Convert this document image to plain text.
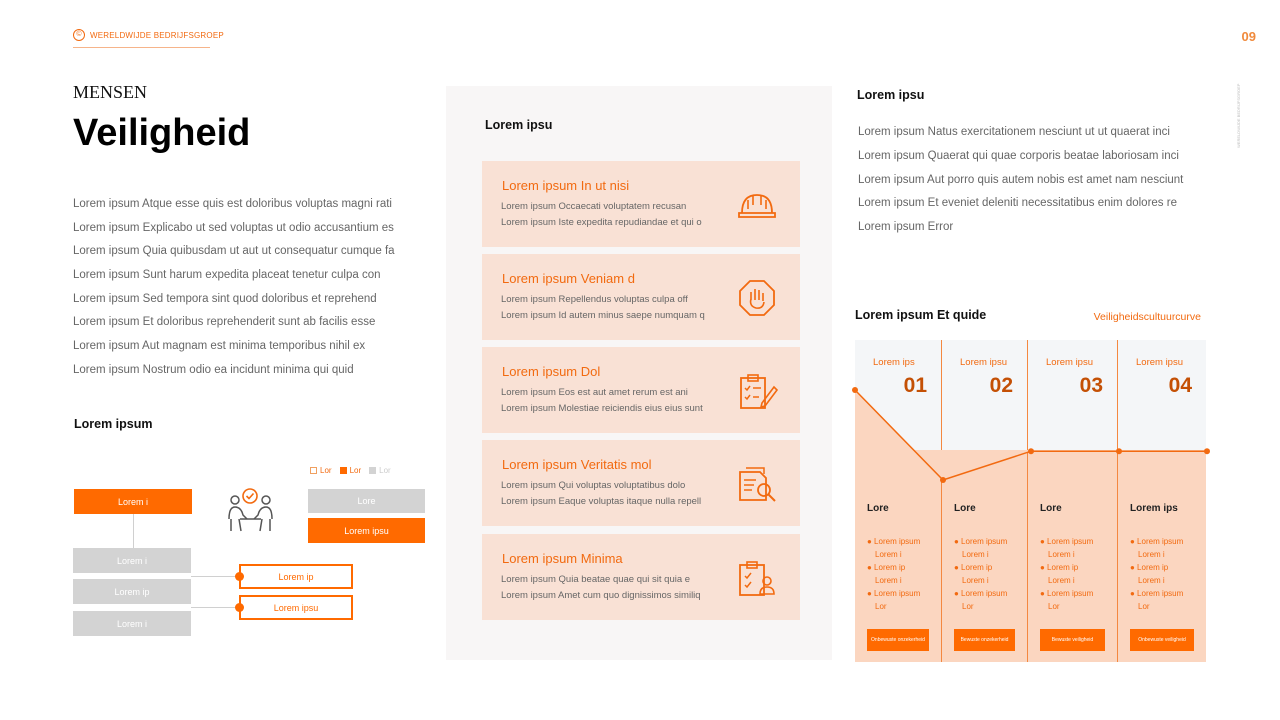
©	WERELDWIJDE BEDRIJFSGROEP	09
WERELDWIJDE BEDRIJFSGROEP
MENSEN
Veiligheid
Lorem ipsum Atque esse quis est doloribus voluptas magni rati
Lorem ipsum Explicabo ut sed voluptas ut odio accusantium es
Lorem ipsum Quia quibusdam ut aut ut consequatur cumque fa
Lorem ipsum Sunt harum expedita placeat tenetur culpa con
Lorem ipsum Sed tempora sint quod doloribus et reprehend
Lorem ipsum Et doloribus reprehenderit sunt ab facilis esse
Lorem ipsum Aut magnam est minima temporibus nihil ex
Lorem ipsum Nostrum odio ea incidunt minima qui quid
Lorem ipsum
Lor Lor Lor
Lorem i	Lore
Lorem ipsu
Lorem i
Lorem ip
Lorem i
Lorem ip
Lorem ipsu
Lorem ipsu
Lorem ipsum In ut nisi
Lorem ipsum Occaecati voluptatem recusan
Lorem ipsum Iste expedita repudiandae et qui o
Lorem ipsum Veniam d
Lorem ipsum Repellendus voluptas culpa off
Lorem ipsum Id autem minus saepe numquam q
Lorem ipsum Dol
Lorem ipsum Eos est aut amet rerum est ani
Lorem ipsum Molestiae reiciendis eius eius sunt
Lorem ipsum Veritatis mol
Lorem ipsum Qui voluptas voluptatibus dolo
Lorem ipsum Eaque voluptas itaque nulla repell
Lorem ipsum Minima
Lorem ipsum Quia beatae quae qui sit quia e
Lorem ipsum Amet cum quo dignissimos similiq
Lorem ipsu
Lorem ipsum Natus exercitationem nesciunt ut ut quaerat inci
Lorem ipsum Quaerat qui quae corporis beatae laboriosam inci
Lorem ipsum Aut porro quis autem nobis est amet nam nesciunt
Lorem ipsum Et eveniet deleniti necessitatibus enim dolores re
Lorem ipsum Error
Lorem ipsum Et quide	Veiligheidscultuurcurve
Lorem ips
01
Lore
● Lorem ipsum
 Lorem i
● Lorem ip
 Lorem i
● Lorem ipsum
 Lor
Onbewuste onzekerheid
Lorem ipsu
02
Lore
● Lorem ipsum
 Lorem i
● Lorem ip
 Lorem i
● Lorem ipsum
 Lor
Bewuste onzekerheid
Lorem ipsu
03
Lore
● Lorem ipsum
 Lorem i
● Lorem ip
 Lorem i
● Lorem ipsum
 Lor
Bewuste veiligheid
Lorem ipsu
04
Lorem ips
● Lorem ipsum
 Lorem i
● Lorem ip
 Lorem i
● Lorem ipsum
 Lor
Onbewuste veiligheid
